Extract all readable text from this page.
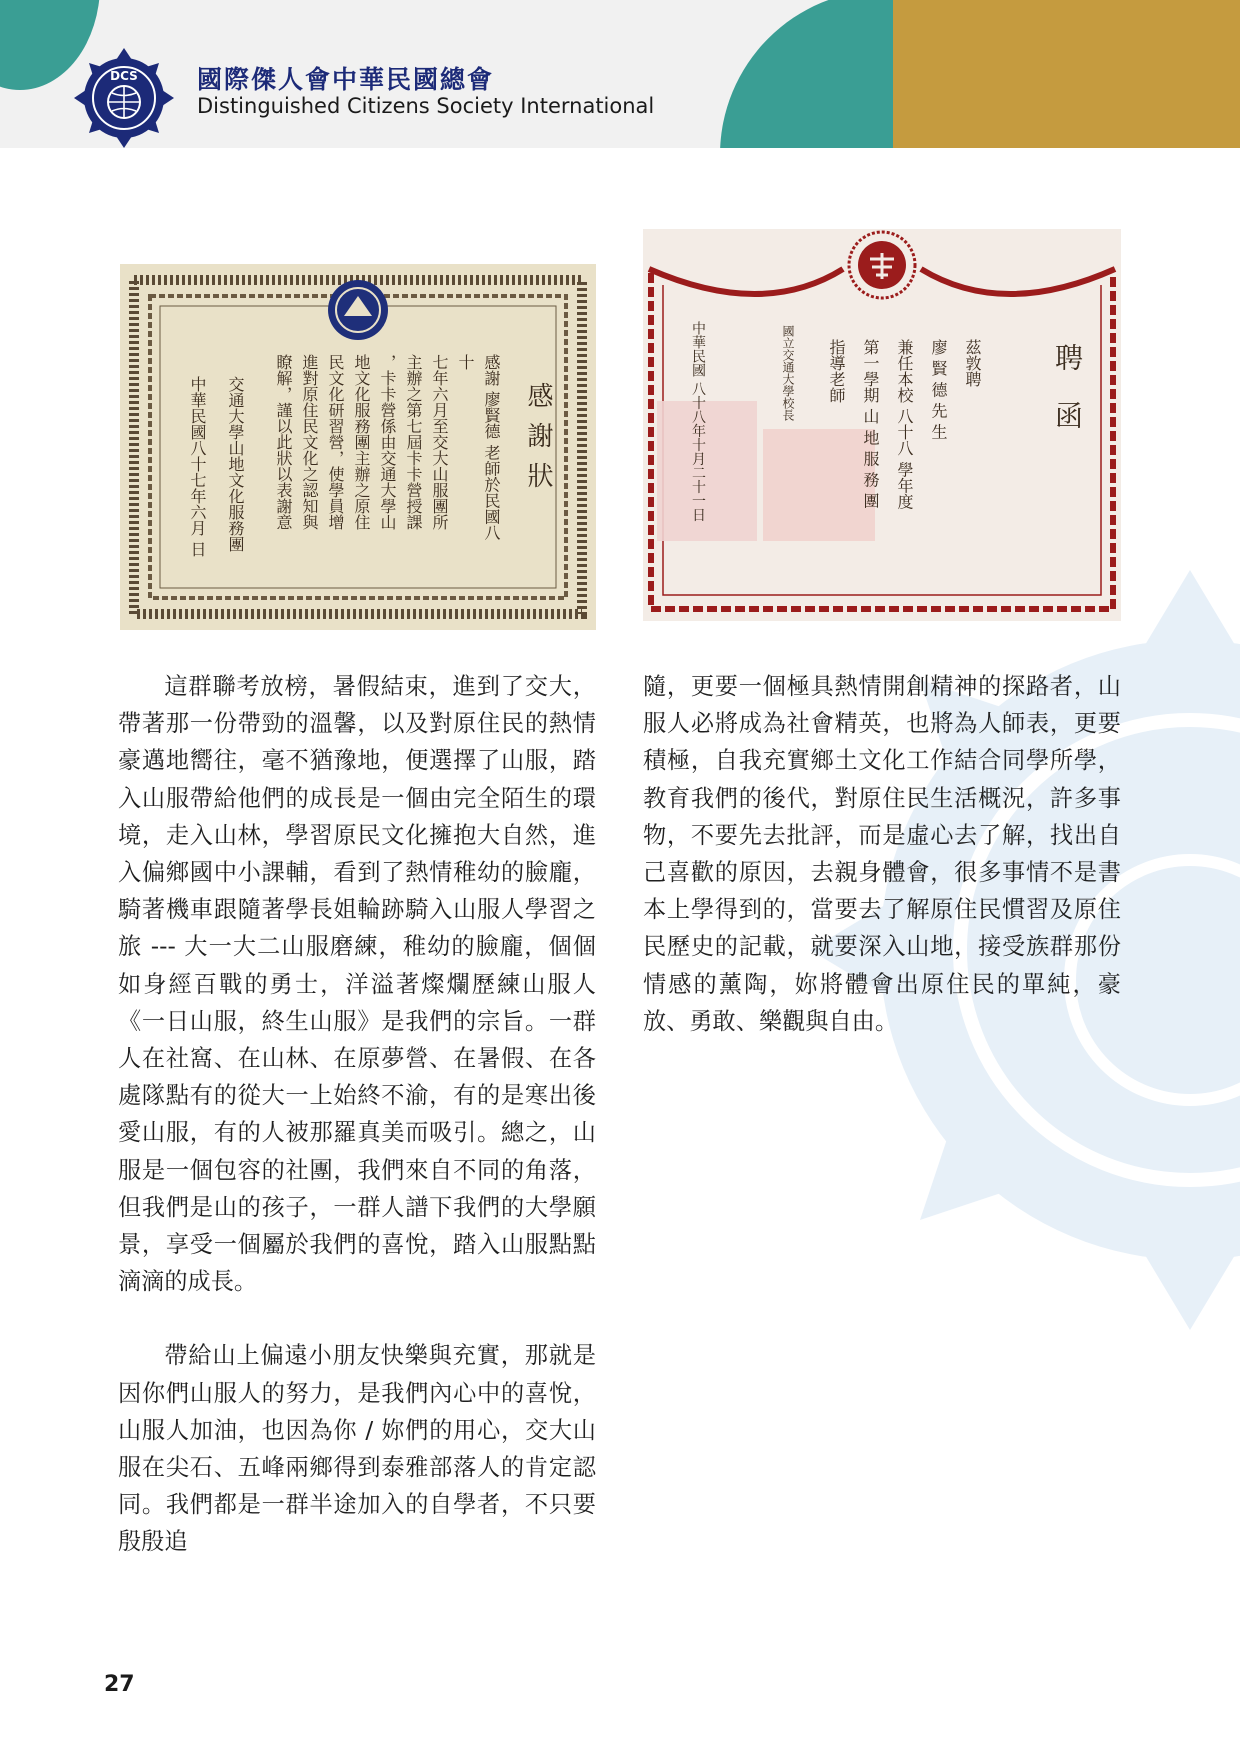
DCS 國際傑人會中華民國總會
Distinguished Citizens Society International
感謝狀
感謝 廖賢德 老師於民國八十
七年六月至交大山服團所
主辦之第七屆卡卡營授課
，卡卡營係由交通大學山
地文化服務團主辦之原住
民文化研習營，使學員增
進對原住民文化之認知與
瞭解，謹以此狀以表謝意
交通大學山地文化服務團
中華民國八十七年六月 日	聘函
茲敦聘
廖 賢 德 先 生
兼任本校 八十八 學年度
第一學期 山 地 服 務 團
指導老師
國立交通大學校長
中華民國 八十八年十月二十一日

這群聯考放榜，暑假結束，進到了交大，帶著那一份帶勁的溫馨，以及對原住民的熱情豪邁地嚮往，毫不猶豫地，便選擇了山服，踏入山服帶給他們的成長是一個由完全陌生的環境，走入山林，學習原民文化擁抱大自然，進入偏鄉國中小課輔，看到了熱情稚幼的臉龐，騎著機車跟隨著學長姐輪跡騎入山服人學習之旅 --- 大一大二山服磨練，稚幼的臉龐，個個如身經百戰的勇士，洋溢著燦爛歷練山服人《一日山服，終生山服》是我們的宗旨。一群人在社窩、在山林、在原夢營、在暑假、在各處隊點有的從大一上始終不渝，有的是寒出後愛山服，有的人被那羅真美而吸引。總之，山服是一個包容的社團，我們來自不同的角落，但我們是山的孩子，一群人譜下我們的大學願景，享受一個屬於我們的喜悅，踏入山服點點滴滴的成長。

帶給山上偏遠小朋友快樂與充實，那就是因你們山服人的努力，是我們內心中的喜悅，山服人加油，也因為你 / 妳們的用心，交大山服在尖石、五峰兩鄉得到泰雅部落人的肯定認同。我們都是一群半途加入的自學者，不只要殷殷追

隨，更要一個極具熱情開創精神的探路者，山服人必將成為社會精英，也將為人師表，更要積極，自我充實鄉土文化工作結合同學所學，教育我們的後代，對原住民生活概況，許多事物，不要先去批評，而是虛心去了解，找出自己喜歡的原因，去親身體會，很多事情不是書本上學得到的，當要去了解原住民慣習及原住民歷史的記載，就要深入山地，接受族群那份情感的薰陶，妳將體會出原住民的單純，豪放、勇敢、樂觀與自由。

27
